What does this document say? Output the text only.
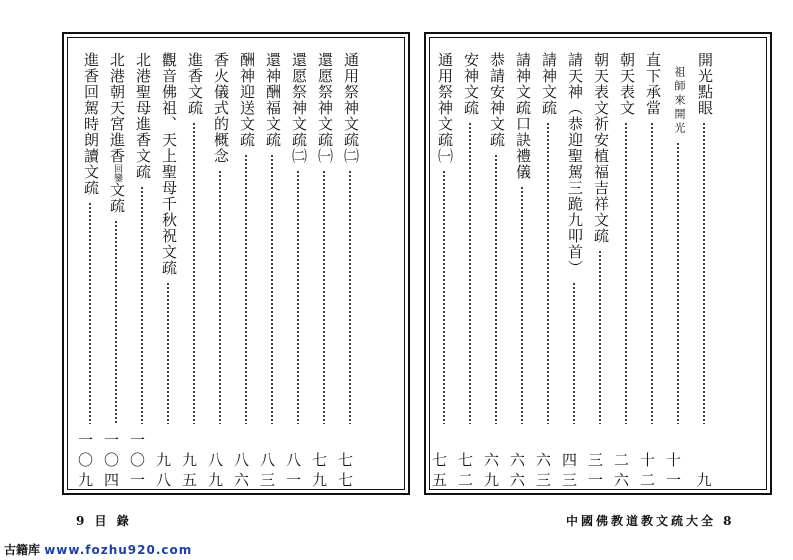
通用祭神文疏㈡
七七
還愿祭神文疏㈠
七九
還愿祭神文疏㈡
八一
還神酬福文疏
八三
酬神迎送文疏
八六
香火儀式的概念
八九
進香文疏
九五
觀音佛祖、天上聖母千秋祝文疏
九八
北港聖母進香文疏
一〇一
北港朝天宮進香回鑾文疏
一〇四
進香回駕時朗讀文疏
一〇九
開光點眼
九
祖師來開光
十一
直下承當
十二
朝天表文
二六
朝天表文祈安植福吉祥文疏
三一
請天神（恭迎聖駕三跪九叩首）
四三
請神文疏
六三
請神文疏口訣禮儀
六六
恭請安神文疏
六九
安神文疏
七二
通用祭神文疏㈠
七五
9 目 錄	中國佛教道教文疏大全 8
古籍库 www.fozhu920.com
